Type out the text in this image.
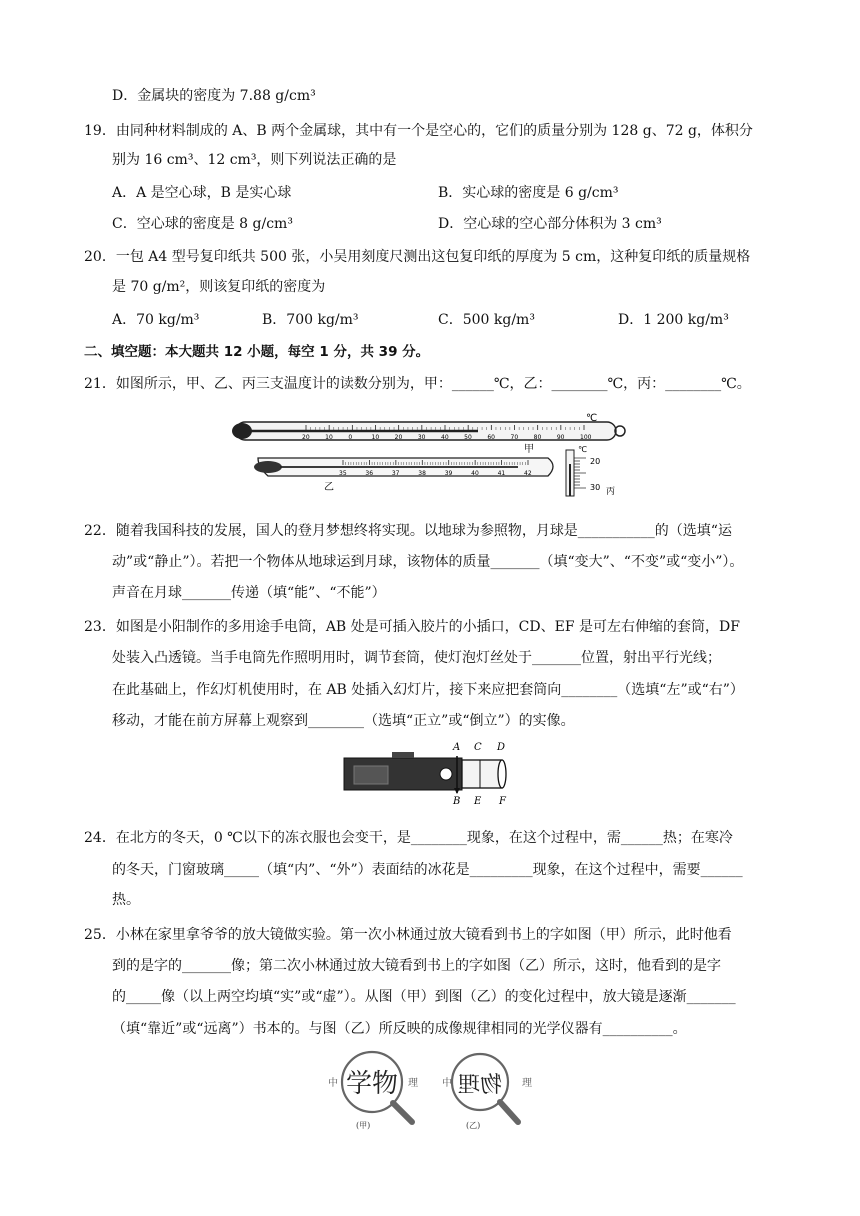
D．金属块的密度为 7.88 g/cm³
19．由同种材料制成的 A、B 两个金属球，其中有一个是空心的，它们的质量分别为 128 g、72 g，体积分
别为 16 cm³、12 cm³，则下列说法正确的是
A．A 是空心球，B 是实心球	B．实心球的密度是 6 g/cm³
C．空心球的密度是 8 g/cm³	D．空心球的空心部分体积为 3 cm³
20．一包 A4 型号复印纸共 500 张，小吴用刻度尺测出这包复印纸的厚度为 5 cm，这种复印纸的质量规格
是 70 g/m²，则该复印纸的密度为
A．70 kg/m³	B．700 kg/m³	C．500 kg/m³	D．1 200 kg/m³
二、填空题：本大题共 12 小题，每空 1 分，共 39 分。
21．如图所示，甲、乙、丙三支温度计的读数分别为，甲：______℃，乙：________℃，丙：________℃。
20	10	0	10	20	30	40	50	60	70	80	90	100
℃
甲
35	36	37	38	39	40	41	42
乙
20
30
℃
丙
22．随着我国科技的发展，国人的登月梦想终将实现。以地球为参照物，月球是___________的（选填“运
动”或“静止”）。若把一个物体从地球运到月球，该物体的质量_______（填“变大”、“不变”或“变小”）。
声音在月球_______传递（填“能”、“不能”）
23．如图是小阳制作的多用途手电筒，AB 处是可插入胶片的小插口，CD、EF 是可左右伸缩的套筒，DF
处装入凸透镜。当手电筒先作照明用时，调节套筒，使灯泡灯丝处于_______位置，射出平行光线；
在此基础上，作幻灯机使用时，在 AB 处插入幻灯片，接下来应把套筒向________（选填“左”或“右”）
移动，才能在前方屏幕上观察到________（选填“正立”或“倒立”）的实像。
A C D
B E F
24．在北方的冬天，0 ℃以下的冻衣服也会变干，是________现象，在这个过程中，需______热；在寒冷
的冬天，门窗玻璃_____（填“内”、“外”）表面结的冰花是_________现象，在这个过程中，需要______
热。
25．小林在家里拿爷爷的放大镜做实验。第一次小林通过放大镜看到书上的字如图（甲）所示，此时他看
到的是字的_______像；第二次小林通过放大镜看到书上的字如图（乙）所示，这时，他看到的是字
的_____像（以上两空均填“实”或“虚”）。从图（甲）到图（乙）的变化过程中，放大镜是逐渐_______
（填“靠近”或“远离”）书本的。与图（乙）所反映的成像规律相同的光学仪器有__________。
中 学物 理
(甲)
中 物理 理
(乙)
